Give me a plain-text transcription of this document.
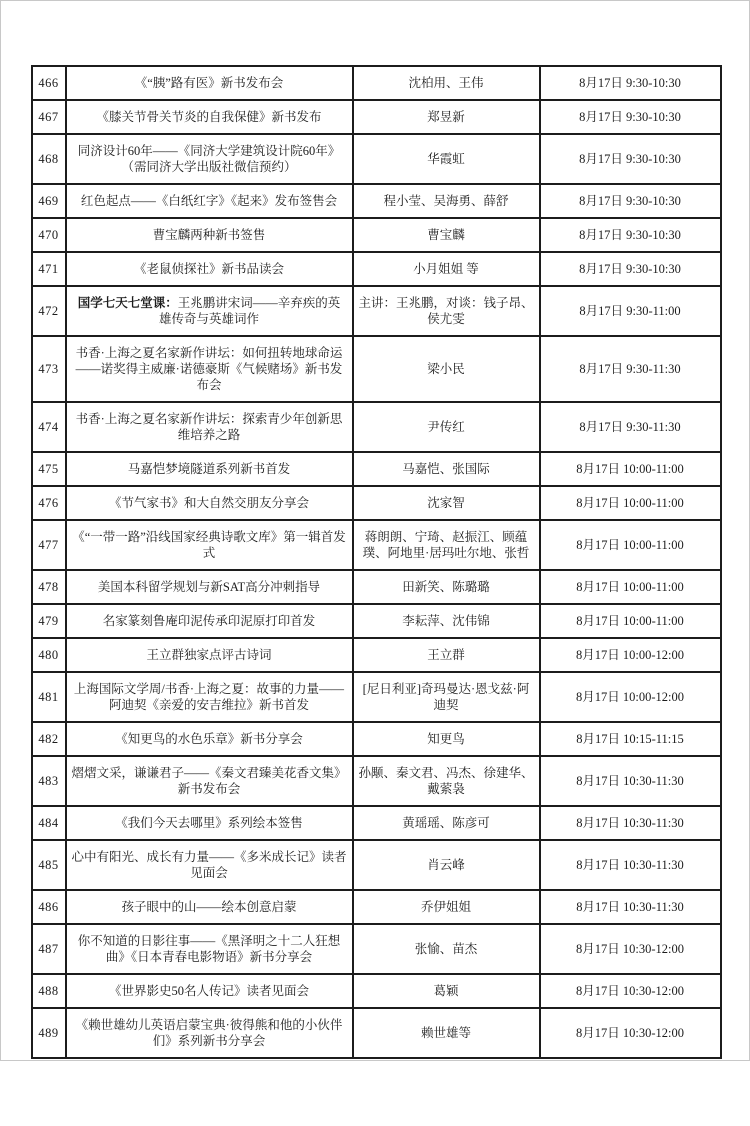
466	《“胰”路有医》新书发布会	沈柏用、王伟	8月17日 9:30-10:30
467	《膝关节骨关节炎的自我保健》新书发布	郑昱新	8月17日 9:30-10:30
468	同济设计60年——《同济大学建筑设计院60年》（需同济大学出版社微信预约）	华霞虹	8月17日 9:30-10:30
469	红色起点——《白纸红字》《起来》发布签售会	程小莹、吴海勇、薛舒	8月17日 9:30-10:30
470	曹宝麟两种新书签售	曹宝麟	8月17日 9:30-10:30
471	《老鼠侦探社》新书品读会	小月姐姐 等	8月17日 9:30-10:30
472	国学七天七堂课：王兆鹏讲宋词——辛弃疾的英雄传奇与英雄词作	主讲：王兆鹏，对谈：钱子昂、侯尤雯	8月17日 9:30-11:00
473	书香·上海之夏名家新作讲坛：如何扭转地球命运——诺奖得主威廉·诺德豪斯《气候赌场》新书发布会	梁小民	8月17日 9:30-11:30
474	书香·上海之夏名家新作讲坛：探索青少年创新思维培养之路	尹传红	8月17日 9:30-11:30
475	马嘉恺梦境隧道系列新书首发	马嘉恺、张国际	8月17日 10:00-11:00
476	《节气家书》和大自然交朋友分享会	沈家智	8月17日 10:00-11:00
477	《“一带一路”沿线国家经典诗歌文库》第一辑首发式	蒋朗朗、宁琦、赵振江、顾蕴璞、阿地里·居玛吐尔地、张哲	8月17日 10:00-11:00
478	美国本科留学规划与新SAT高分冲刺指导	田新笑、陈璐璐	8月17日 10:00-11:00
479	名家篆刻鲁庵印泥传承印泥原打印首发	李耘萍、沈伟锦	8月17日 10:00-11:00
480	王立群独家点评古诗词	王立群	8月17日 10:00-12:00
481	上海国际文学周/书香·上海之夏：故事的力量——阿迪契《亲爱的安吉维拉》新书首发	[尼日利亚]奇玛曼达·恩戈兹·阿迪契	8月17日 10:00-12:00
482	《知更鸟的水色乐章》新书分享会	知更鸟	8月17日 10:15-11:15
483	熠熠文采，谦谦君子——《秦文君臻美花香文集》新书发布会	孙颙、秦文君、冯杰、徐建华、戴萦袅	8月17日 10:30-11:30
484	《我们今天去哪里》系列绘本签售	黄瑶瑶、陈彦可	8月17日 10:30-11:30
485	心中有阳光、成长有力量——《多米成长记》读者见面会	肖云峰	8月17日 10:30-11:30
486	孩子眼中的山——绘本创意启蒙	乔伊姐姐	8月17日 10:30-11:30
487	你不知道的日影往事——《黑泽明之十二人狂想曲》《日本青春电影物语》新书分享会	张愉、苗杰	8月17日 10:30-12:00
488	《世界影史50名人传记》读者见面会	葛颖	8月17日 10:30-12:00
489	《赖世雄幼儿英语启蒙宝典·彼得熊和他的小伙伴们》系列新书分享会	赖世雄等	8月17日 10:30-12:00
